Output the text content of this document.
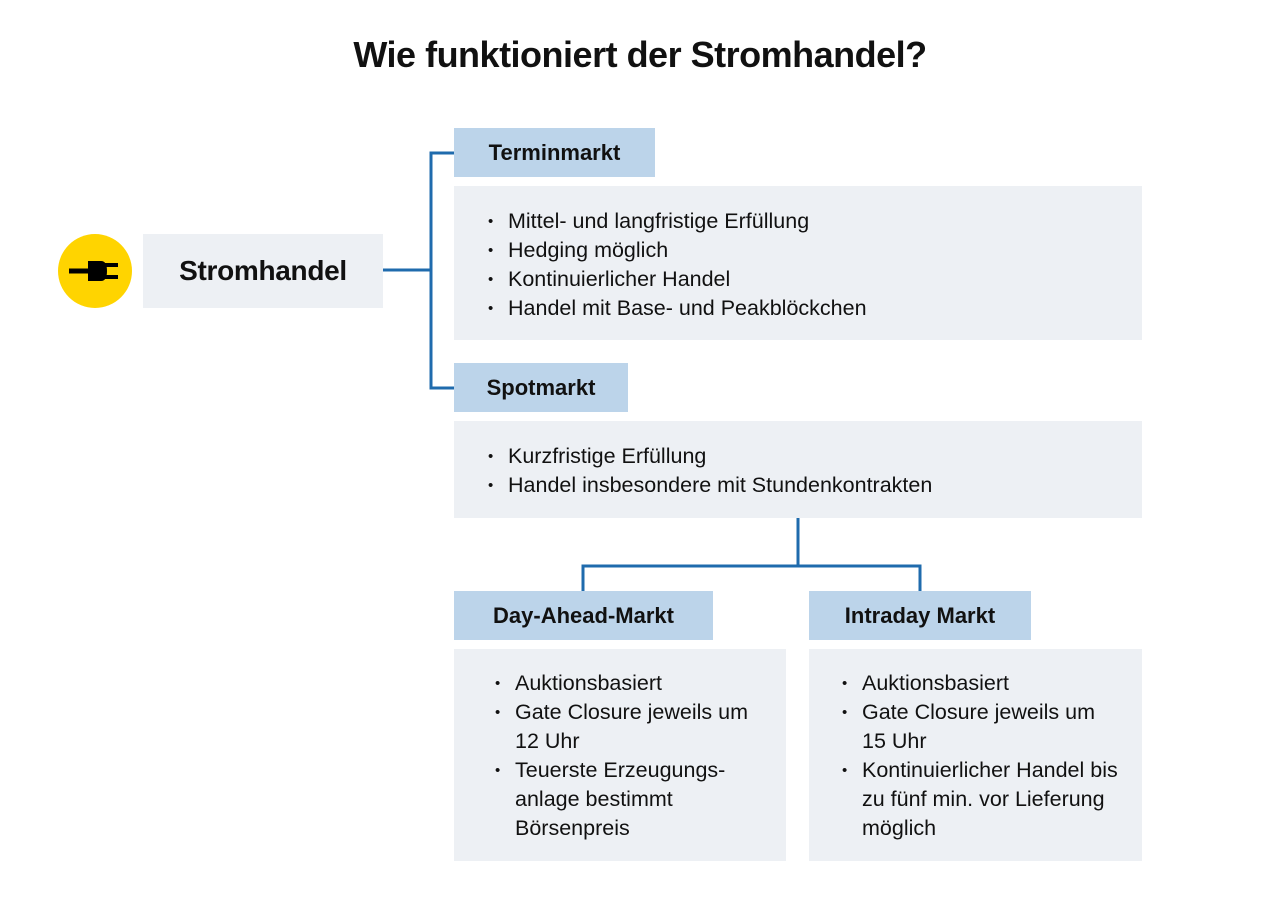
Wie funktioniert der Stromhandel?
Stromhandel
Terminmarkt
• Mittel- und langfristige Erfüllung
• Hedging möglich
• Kontinuierlicher Handel
• Handel mit Base- und Peakblöckchen
Spotmarkt
• Kurzfristige Erfüllung
• Handel insbesondere mit Stundenkontrakten
Day-Ahead-Markt
• Auktionsbasiert
• Gate Closure jeweils um 12 Uhr
• Teuerste Erzeugungs-anlage bestimmt Börsenpreis
Intraday Markt
• Auktionsbasiert
• Gate Closure jeweils um 15 Uhr
• Kontinuierlicher Handel bis zu fünf min. vor Lieferung möglich
